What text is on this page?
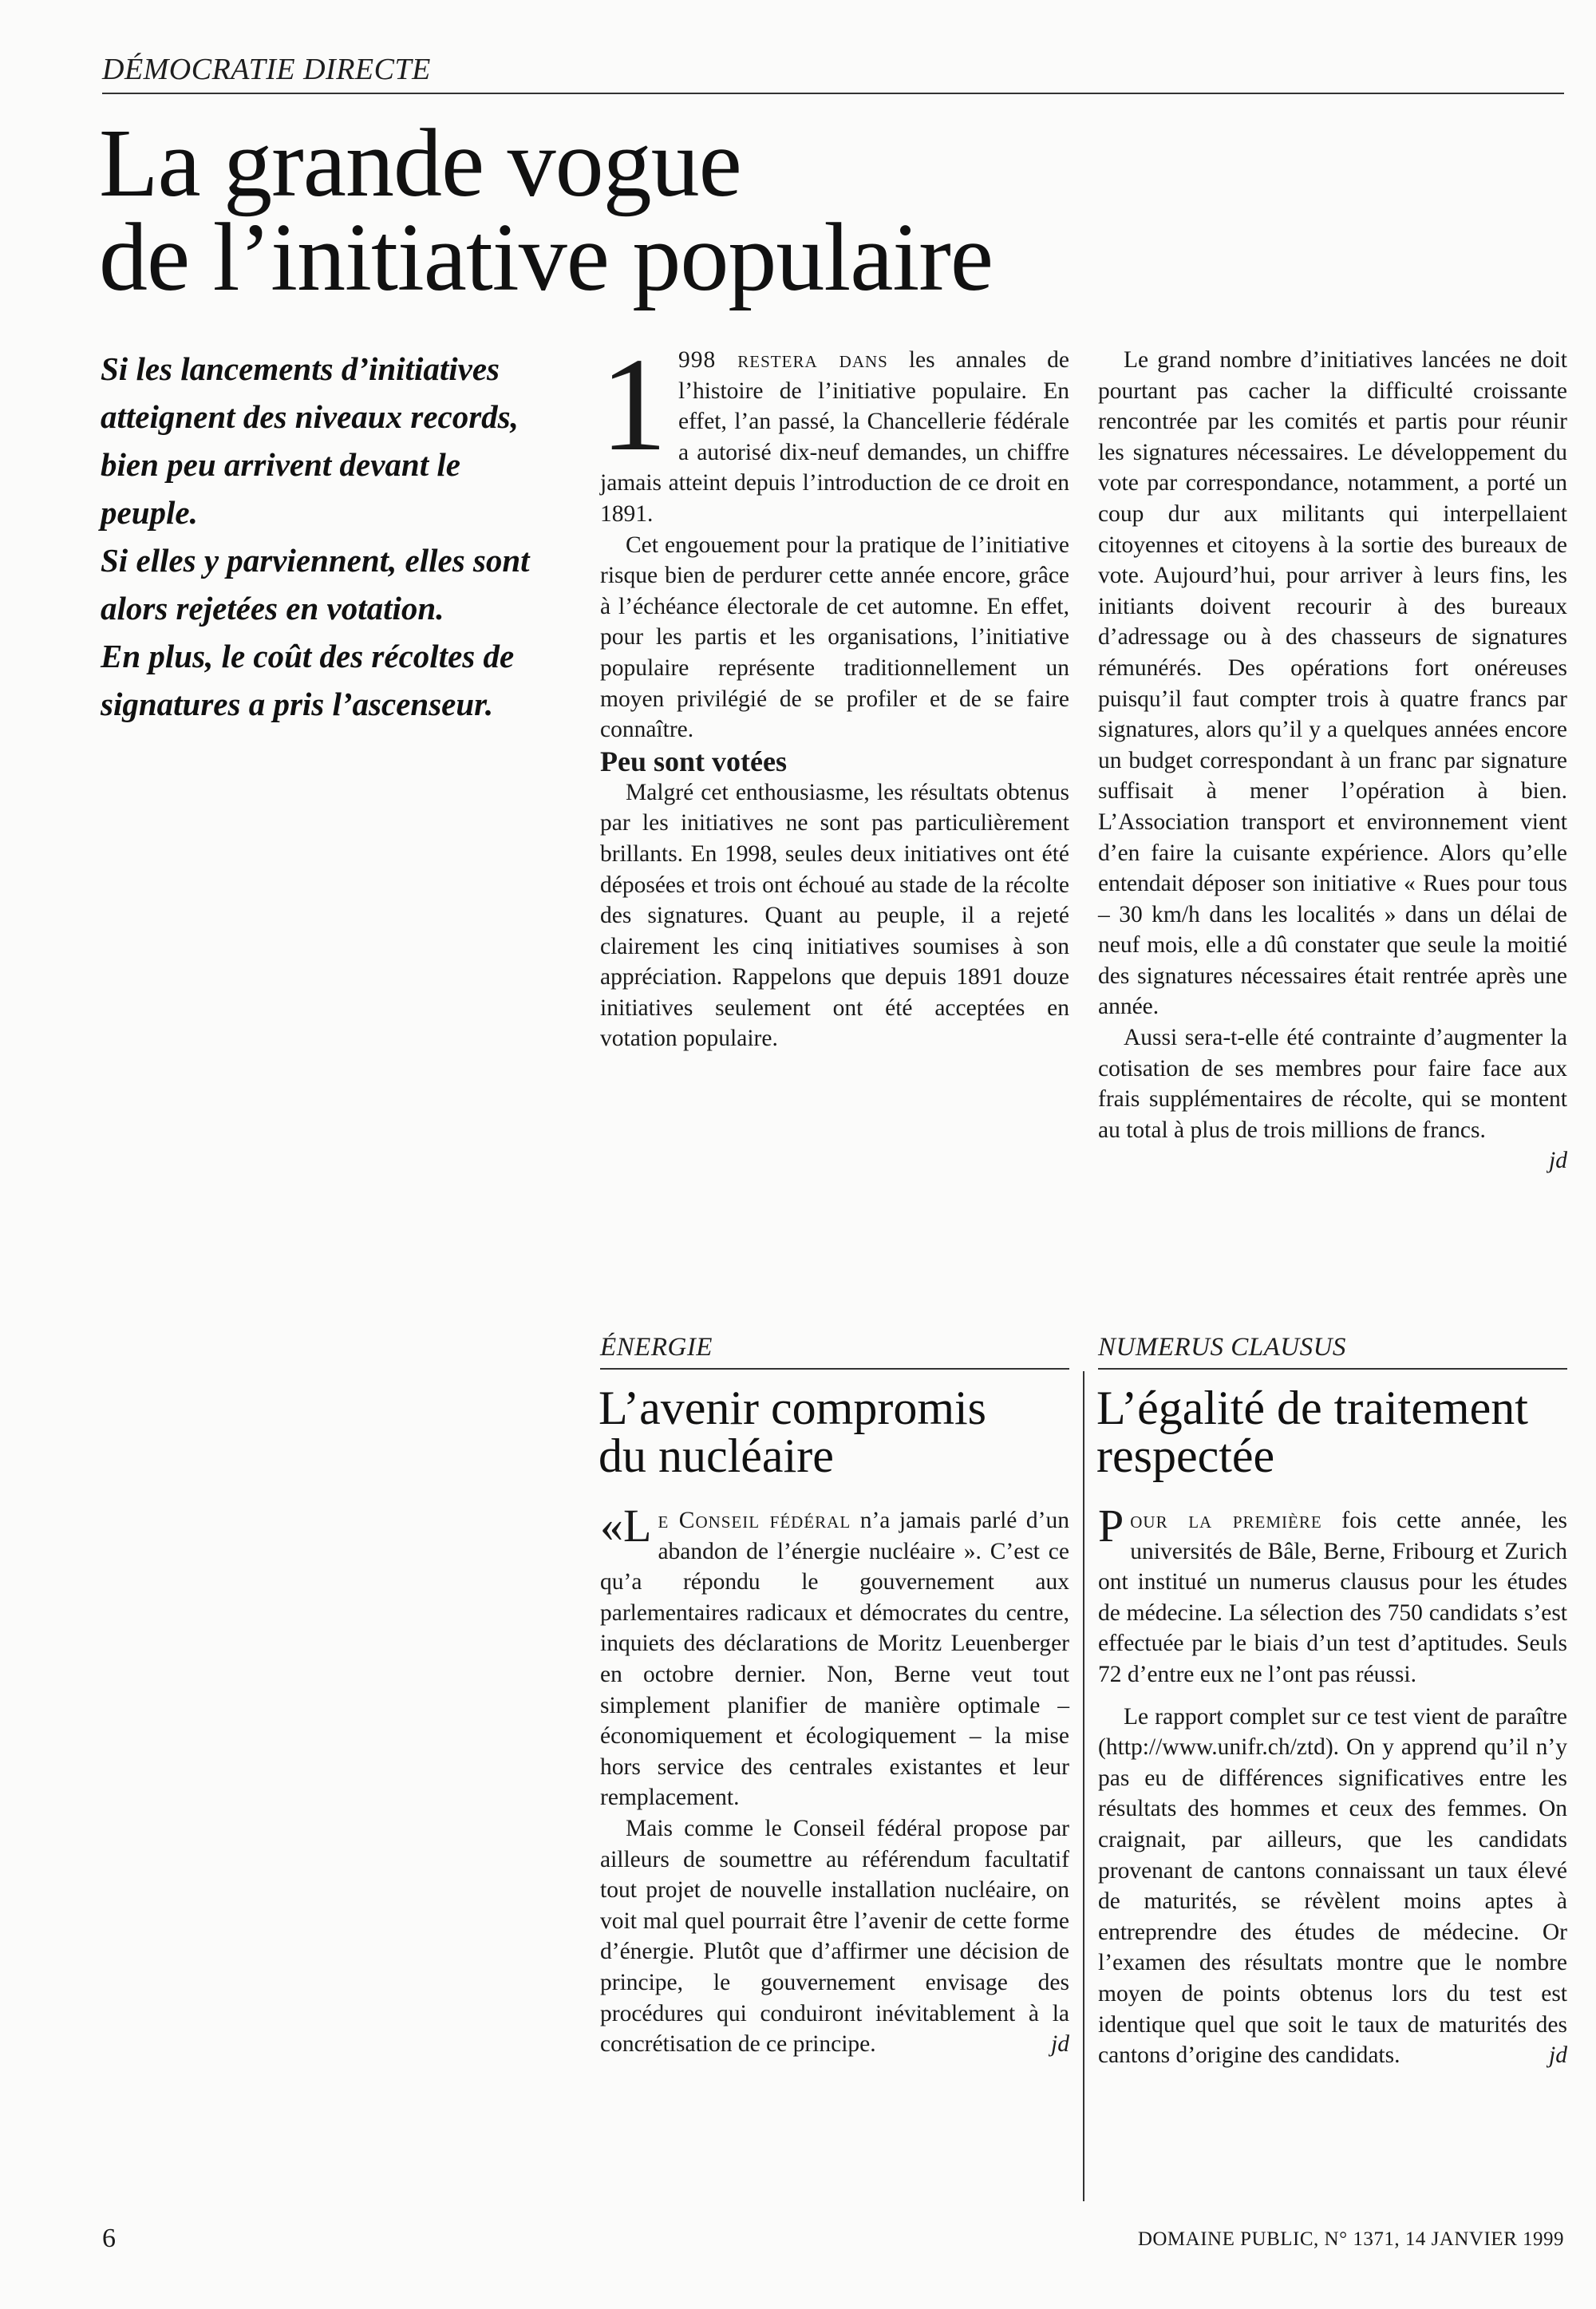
DÉMOCRATIE DIRECTE
La grande vogue
de l’initiative populaire

Si les lancements d’initiatives atteignent des niveaux records, bien peu arrivent devant le peuple.

Si elles y parviennent, elles sont alors rejetées en votation.

En plus, le coût des récoltes de signatures a pris l’ascenseur.

1 998 restera dans les annales de l’histoire de l’initiative populaire. En effet, l’an passé, la Chancellerie fédérale a autorisé dix-neuf demandes, un chiffre jamais atteint depuis l’introduction de ce droit en 1891.

Cet engouement pour la pratique de l’initiative risque bien de perdurer cette année encore, grâce à l’échéance électorale de cet automne. En effet, pour les partis et les organisations, l’initiative populaire représente traditionnellement un moyen privilégié de se profiler et de se faire connaître.

Peu sont votées

Malgré cet enthousiasme, les résultats obtenus par les initiatives ne sont pas particulièrement brillants. En 1998, seules deux initiatives ont été déposées et trois ont échoué au stade de la récolte des signatures. Quant au peuple, il a rejeté clairement les cinq initiatives soumises à son appréciation. Rappelons que depuis 1891 douze initiatives seulement ont été acceptées en votation populaire.

Le grand nombre d’initiatives lancées ne doit pourtant pas cacher la difficulté croissante rencontrée par les comités et partis pour réunir les signatures nécessaires. Le développement du vote par correspondance, notamment, a porté un coup dur aux militants qui interpellaient citoyennes et citoyens à la sortie des bureaux de vote. Aujourd’hui, pour arriver à leurs fins, les initiants doivent recourir à des bureaux d’adressage ou à des chasseurs de signatures rémunérés. Des opérations fort onéreuses puisqu’il faut compter trois à quatre francs par signatures, alors qu’il y a quelques années encore un budget correspondant à un franc par signature suffisait à mener l’opération à bien. L’Association transport et environnement vient d’en faire la cuisante expérience. Alors qu’elle entendait déposer son initiative « Rues pour tous – 30 km/h dans les localités » dans un délai de neuf mois, elle a dû constater que seule la moitié des signatures nécessaires était rentrée après une année.

Aussi sera-t-elle été contrainte d’augmenter la cotisation de ses membres pour faire face aux frais supplémentaires de récolte, qui se montent au total à plus de trois millions de francs.

jd

ÉNERGIE
L’avenir compromis
du nucléaire

«L e Conseil fédéral n’a jamais parlé d’un abandon de l’énergie nucléaire ». C’est ce qu’a répondu le gouvernement aux parlementaires radicaux et démocrates du centre, inquiets des déclarations de Moritz Leuenberger en octobre dernier. Non, Berne veut tout simplement planifier de manière optimale – économiquement et écologiquement – la mise hors service des centrales existantes et leur remplacement.

Mais comme le Conseil fédéral propose par ailleurs de soumettre au référendum facultatif tout projet de nouvelle installation nucléaire, on voit mal quel pourrait être l’avenir de cette forme d’énergie. Plutôt que d’affirmer une décision de principe, le gouvernement envisage des procédures qui conduiront inévitablement à la concrétisation de ce principe.	jd

NUMERUS CLAUSUS
L’égalité de traitement
respectée

Pour la première fois cette année, les universités de Bâle, Berne, Fribourg et Zurich ont institué un numerus clausus pour les études de médecine. La sélection des 750 candidats s’est effectuée par le biais d’un test d’aptitudes. Seuls 72 d’entre eux ne l’ont pas réussi.

Le rapport complet sur ce test vient de paraître (http://www.unifr.ch/ztd). On y apprend qu’il n’y pas eu de différences significatives entre les résultats des hommes et ceux des femmes. On craignait, par ailleurs, que les candidats provenant de cantons connaissant un taux élevé de maturités, se révèlent moins aptes à entreprendre des études de médecine. Or l’examen des résultats montre que le nombre moyen de points obtenus lors du test est identique quel que soit le taux de maturités des cantons d’origine des candidats.	jd

6	DOMAINE PUBLIC, N° 1371, 14 JANVIER 1999
